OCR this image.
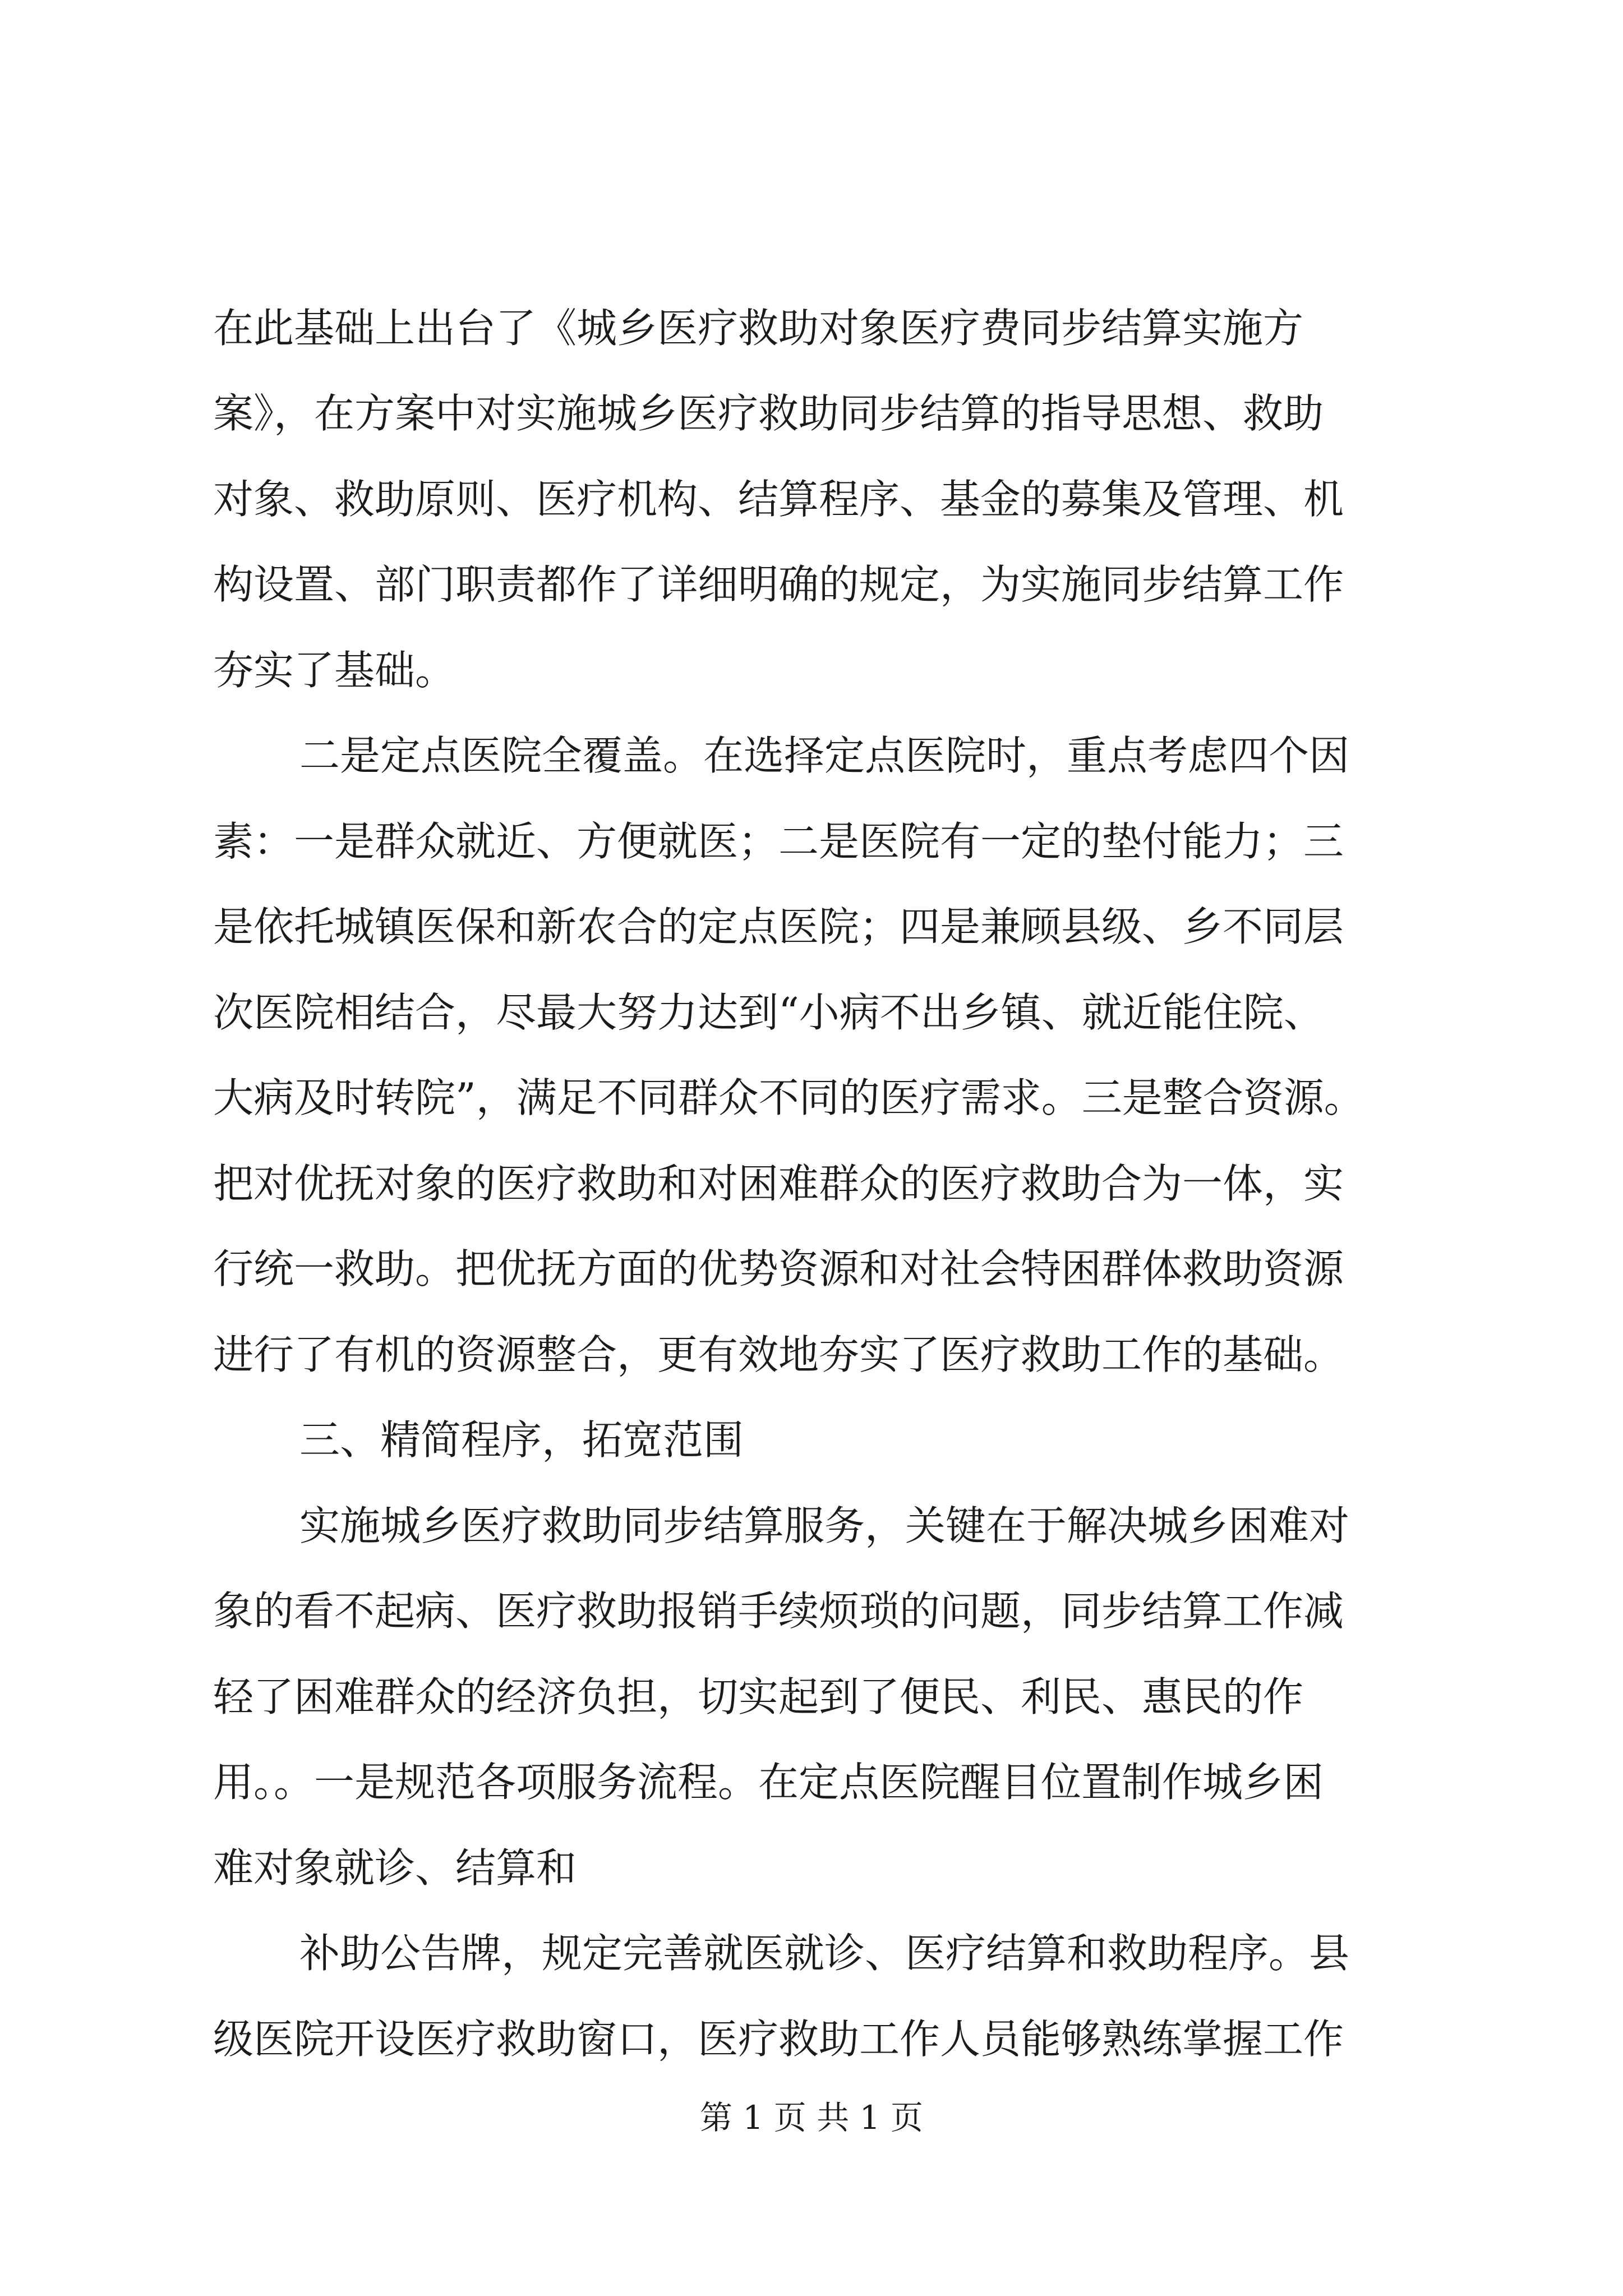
在此基础上出台了《城乡医疗救助对象医疗费同步结算实施方

案》，在方案中对实施城乡医疗救助同步结算的指导思想、救助

对象、救助原则、医疗机构、结算程序、基金的募集及管理、机

构设置、部门职责都作了详细明确的规定，为实施同步结算工作

夯实了基础。

二是定点医院全覆盖。在选择定点医院时，重点考虑四个因

素：一是群众就近、方便就医；二是医院有一定的垫付能力；三

是依托城镇医保和新农合的定点医院；四是兼顾县级、乡不同层

次医院相结合，尽最大努力达到“小病不出乡镇、就近能住院、

大病及时转院”，满足不同群众不同的医疗需求。三是整合资源。

把对优抚对象的医疗救助和对困难群众的医疗救助合为一体，实

行统一救助。把优抚方面的优势资源和对社会特困群体救助资源

进行了有机的资源整合，更有效地夯实了医疗救助工作的基础。

三、精简程序，拓宽范围

实施城乡医疗救助同步结算服务，关键在于解决城乡困难对

象的看不起病、医疗救助报销手续烦琐的问题，同步结算工作减

轻了困难群众的经济负担，切实起到了便民、利民、惠民的作

用。。一是规范各项服务流程。在定点医院醒目位置制作城乡困

难对象就诊、结算和

补助公告牌，规定完善就医就诊、医疗结算和救助程序。县

级医院开设医疗救助窗口，医疗救助工作人员能够熟练掌握工作

第 1 页 共 1 页
